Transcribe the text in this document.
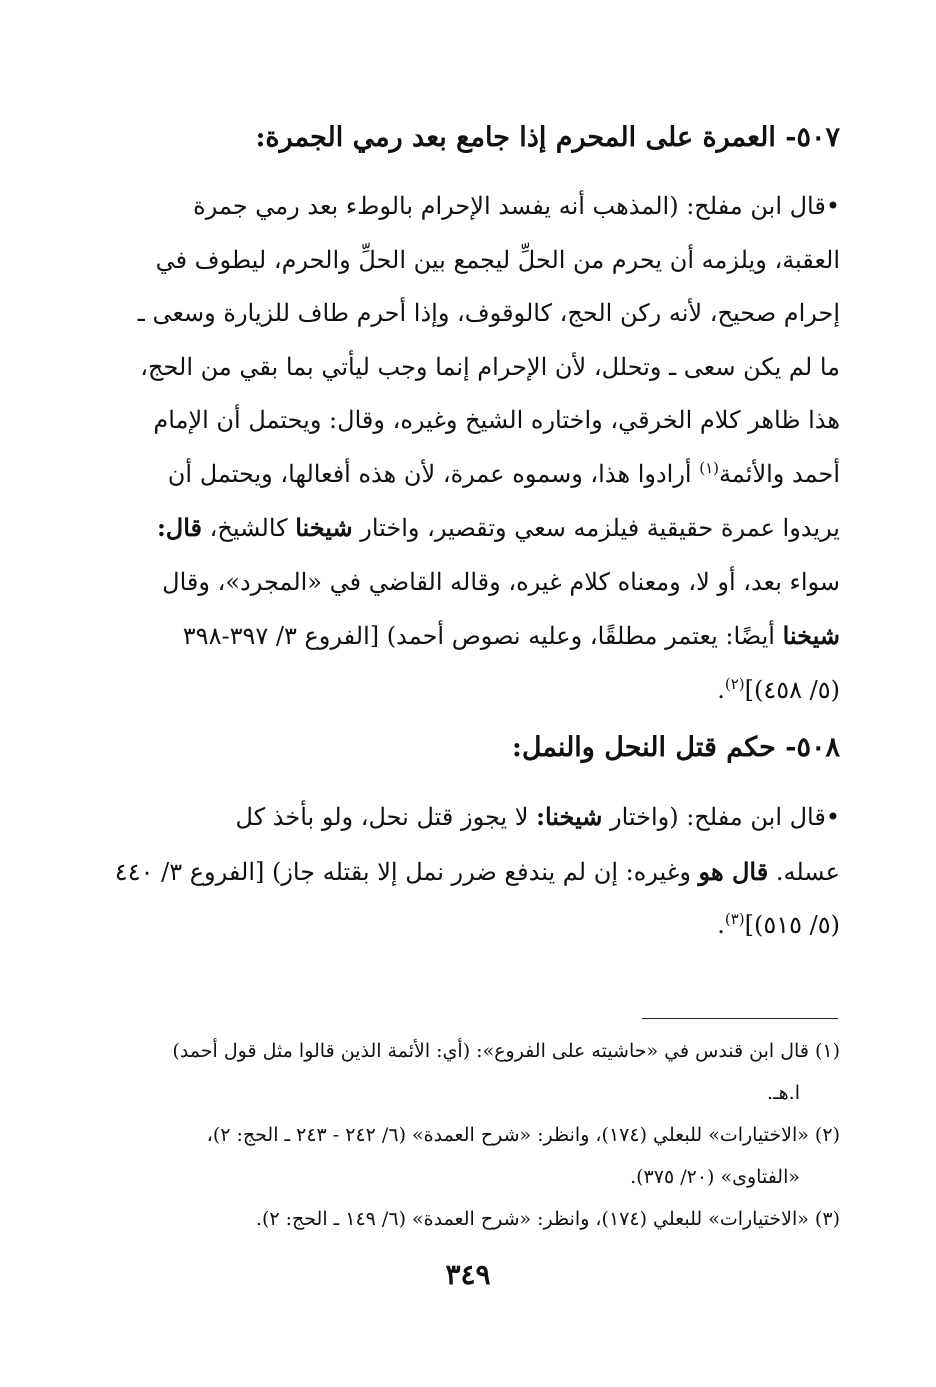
٥٠٧- العمرة على المحرم إذا جامع بعد رمي الجمرة:
•قال ابن مفلح: (المذهب أنه يفسد الإحرام بالوطء بعد رمي جمرة
العقبة، ويلزمه أن يحرم من الحلِّ ليجمع بين الحلِّ والحرم، ليطوف في
إحرام صحيح، لأنه ركن الحج، كالوقوف، وإذا أحرم طاف للزيارة وسعى ـ
ما لم يكن سعى ـ وتحلل، لأن الإحرام إنما وجب ليأتي بما بقي من الحج،
هذا ظاهر كلام الخرقي، واختاره الشيخ وغيره، وقال: ويحتمل أن الإمام
أحمد والأئمة$^{(١)}$ أرادوا هذا، وسموه عمرة، لأن هذه أفعالها، ويحتمل أن
يريدوا عمرة حقيقية فيلزمه سعي وتقصير، واختار شيخنا كالشيخ، قال:
سواء بعد، أو لا، ومعناه كلام غيره، وقاله القاضي في «المجرد»، وقال
شيخنا أيضًا: يعتمر مطلقًا، وعليه نصوص أحمد) [الفروع ٣/ ٣٩٧-٣٩٨
(٥/ ٤٥٨)]$^{(٢)}$.
٥٠٨- حكم قتل النحل والنمل:
•قال ابن مفلح: (واختار شيخنا: لا يجوز قتل نحل، ولو بأخذ كل
عسله. قال هو وغيره: إن لم يندفع ضرر نمل إلا بقتله جاز) [الفروع ٣/ ٤٤٠
(٥/ ٥١٥)]$^{(٣)}$.
(١) قال ابن قندس في «حاشيته على الفروع»: (أي: الأئمة الذين قالوا مثل قول أحمد)
ا.هـ.
(٢) «الاختيارات» للبعلي (١٧٤)، وانظر: «شرح العمدة» (٦/ ٢٤٢ - ٢٤٣ ـ الحج: ٢)،
«الفتاوى» (٢٠/ ٣٧٥).
(٣) «الاختيارات» للبعلي (١٧٤)، وانظر: «شرح العمدة» (٦/ ١٤٩ ـ الحج: ٢).
٣٤٩
